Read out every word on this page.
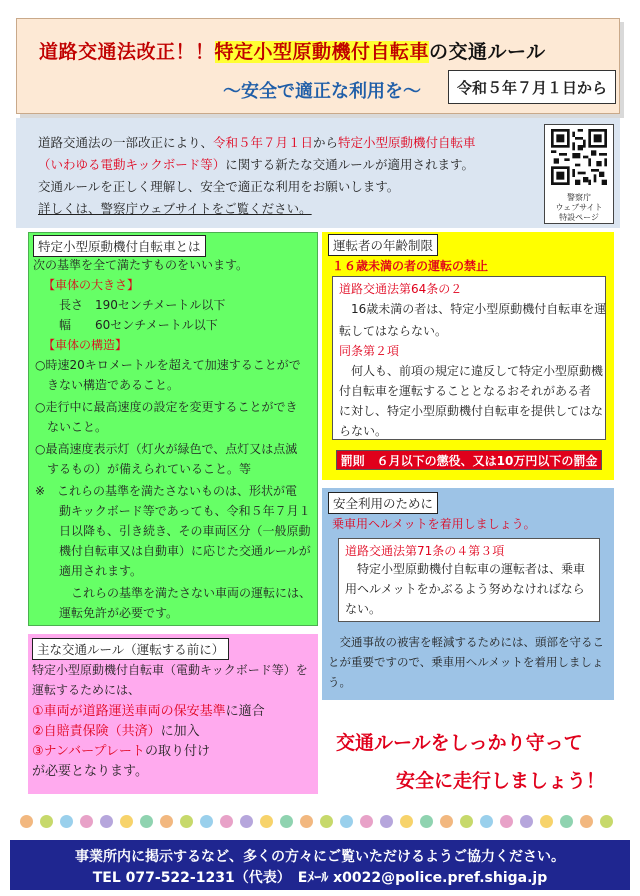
道路交通法改正！！特定小型原動機付自転車の交通ルール
～安全で適正な利用を～	令和５年７月１日から

道路交通法の一部改正により、令和５年７月１日から特定小型原動機付自転車

（いわゆる電動キックボード等）に関する新たな交通ルールが適用されます。

交通ルールを正しく理解し、安全で適正な利用をお願いします。

詳しくは、警察庁ウェブサイトをご覧ください。

警察庁
ウェブサイト
特設ページ
特定小型原動機付自転車とは
次の基準を全て満たすものをいいます。
【車体の大きさ】
長さ　190センチメートル以下
幅　　60センチメートル以下
【車体の構造】
○時速20キロメートルを超えて加速することがで
　きない構造であること。
○走行中に最高速度の設定を変更することができ
　ないこと。
○最高速度表示灯（灯火が緑色で、点灯又は点滅
　するもの）が備えられていること。等
※　これらの基準を満たさないものは、形状が電
　　動キックボード等であっても、令和５年７月１
　　日以降も、引き続き、その車両区分（一般原動
　　機付自転車又は自動車）に応じた交通ルールが
　　適用されます。
　　　これらの基準を満たさない車両の運転には、
　　運転免許が必要です。
運転者の年齢制限
１６歳未満の者の運転の禁止
道路交通法第64条の２
　16歳未満の者は、特定小型原動機付自転車を運
転してはならない。
同条第２項
　何人も、前項の規定に違反して特定小型原動機
付自転車を運転することとなるおそれがある者
に対し、特定小型原動機付自転車を提供してはな
らない。
罰則　６月以下の懲役、又は10万円以下の罰金
安全利用のために
乗車用ヘルメットを着用しましょう。
道路交通法第71条の４第３項
　特定小型原動機付自転車の運転者は、乗車
用ヘルメットをかぶるよう努めなければなら
ない。
　交通事故の被害を軽減するためには、頭部を守るこ
とが重要ですので、乗車用ヘルメットを着用しましょ
う。
主な交通ルール（運転する前に）
特定小型原動機付自転車（電動キックボード等）を
運転するためには、
①車両が道路運送車両の保安基準に適合
②自賠責保険（共済）に加入
③ナンバープレートの取り付け
が必要となります。
交通ルールをしっかり守って
安全に走行しましょう！
事業所内に掲示するなど、多くの方々にご覧いただけるようご協力ください。
TEL 077-522-1231（代表）　Eﾒｰﾙ x0022@police.pref.shiga.jp
